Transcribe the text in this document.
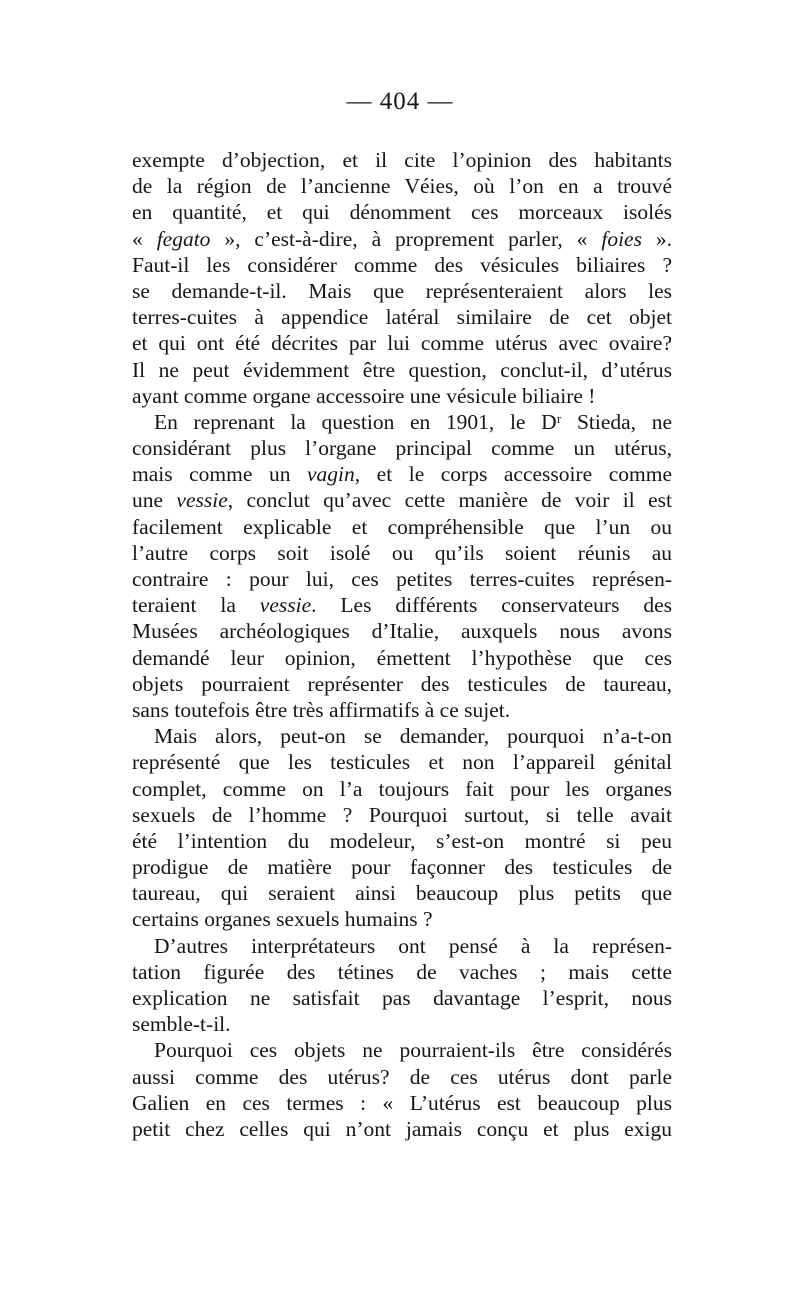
— 404 —
exempte d’objection, et il cite l’opinion des habitants
de la région de l’ancienne Véies, où l’on en a trouvé
en quantité, et qui dénomment ces morceaux isolés
« fegato », c’est-à-dire, à proprement parler, « foies ».
Faut-il les considérer comme des vésicules biliaires ?
se demande-t-il. Mais que représenteraient alors les
terres-cuites à appendice latéral similaire de cet objet
et qui ont été décrites par lui comme utérus avec ovaire?
Il ne peut évidemment être question, conclut-il, d’utérus
ayant comme organe accessoire une vésicule biliaire !
En reprenant la question en 1901, le Dʳ Stieda, ne
considérant plus l’organe principal comme un utérus,
mais comme un vagin, et le corps accessoire comme
une vessie, conclut qu’avec cette manière de voir il est
facilement explicable et compréhensible que l’un ou
l’autre corps soit isolé ou qu’ils soient réunis au
contraire : pour lui, ces petites terres-cuites représen-
teraient la vessie. Les différents conservateurs des
Musées archéologiques d’Italie, auxquels nous avons
demandé leur opinion, émettent l’hypothèse que ces
objets pourraient représenter des testicules de taureau,
sans toutefois être très affirmatifs à ce sujet.
Mais alors, peut-on se demander, pourquoi n’a-t-on
représenté que les testicules et non l’appareil génital
complet, comme on l’a toujours fait pour les organes
sexuels de l’homme ? Pourquoi surtout, si telle avait
été l’intention du modeleur, s’est-on montré si peu
prodigue de matière pour façonner des testicules de
taureau, qui seraient ainsi beaucoup plus petits que
certains organes sexuels humains ?
D’autres interprétateurs ont pensé à la représen-
tation figurée des tétines de vaches ; mais cette
explication ne satisfait pas davantage l’esprit, nous
semble-t-il.
Pourquoi ces objets ne pourraient-ils être considérés
aussi comme des utérus? de ces utérus dont parle
Galien en ces termes : « L’utérus est beaucoup plus
petit chez celles qui n’ont jamais conçu et plus exigu
